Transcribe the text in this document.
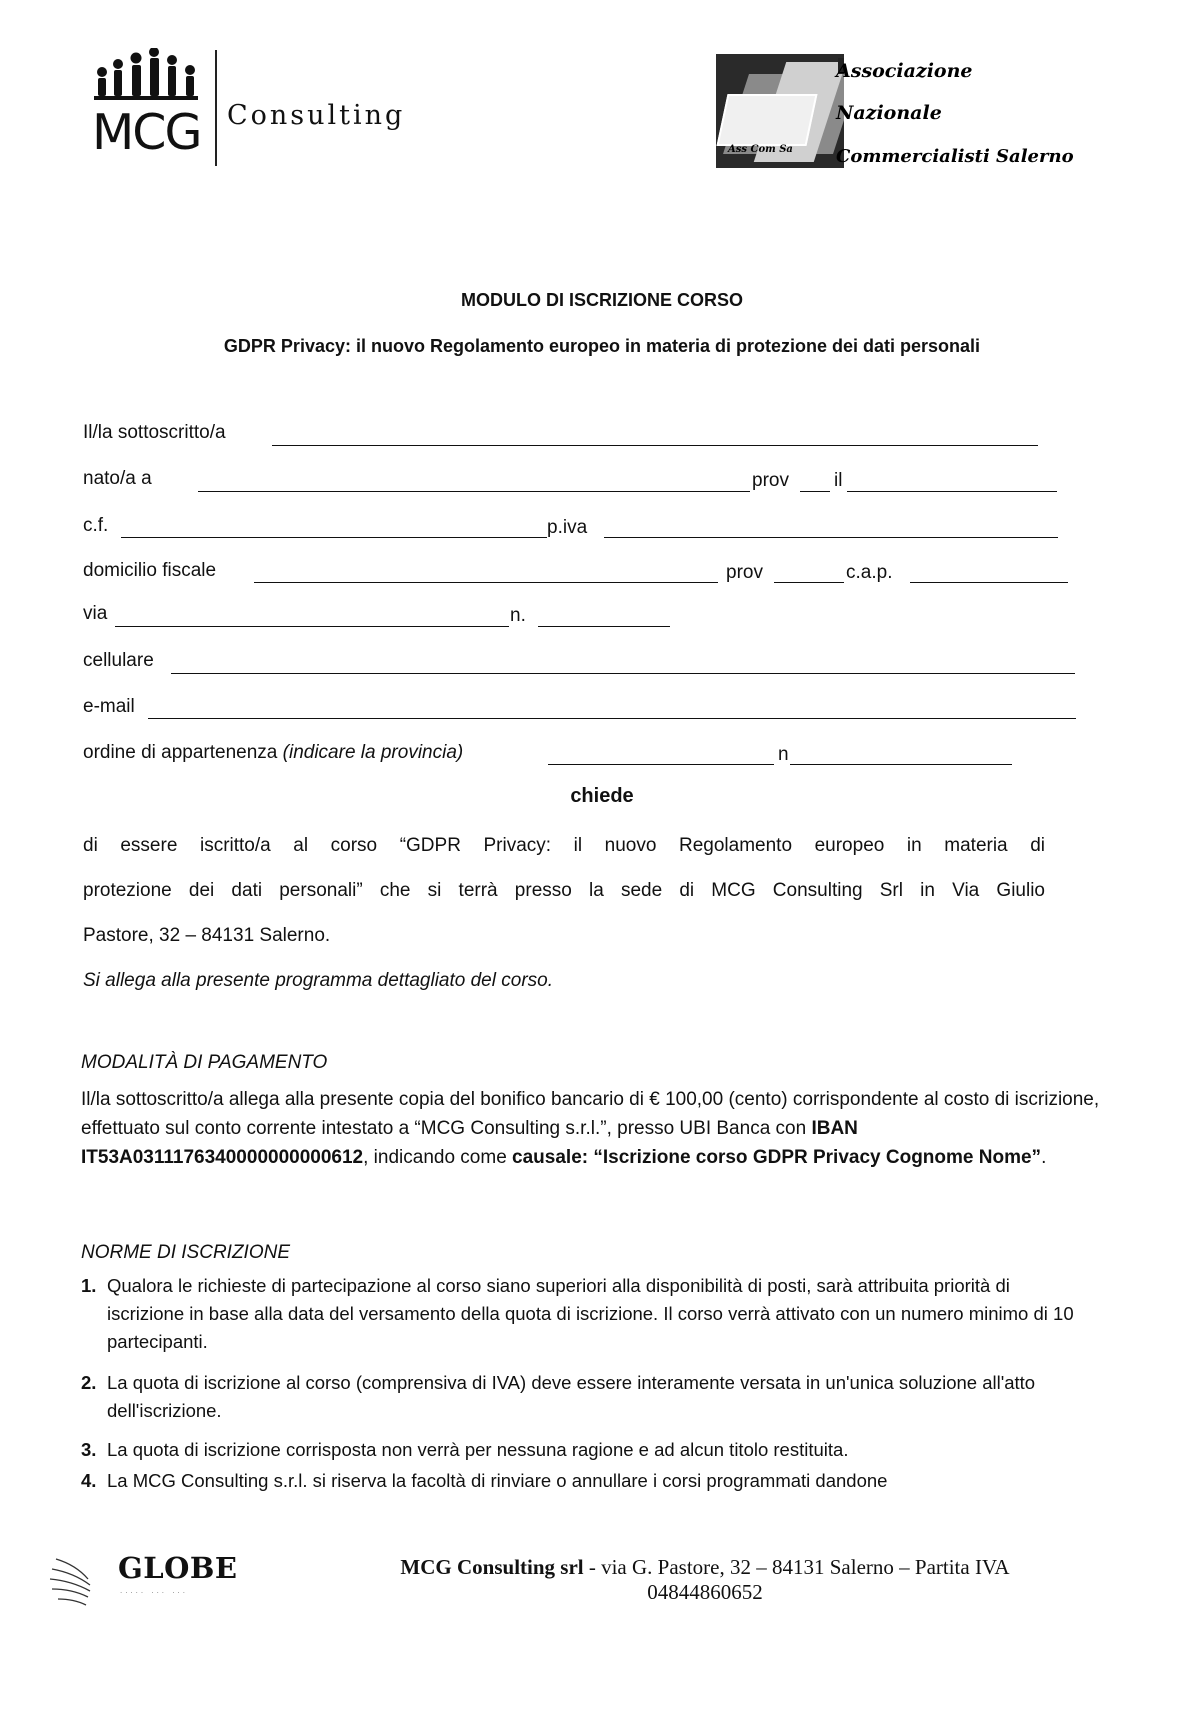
MCG Consulting
Ass Com Sa
Associazione
Nazionale
Commercialisti Salerno
MODULO DI ISCRIZIONE CORSO
GDPR Privacy: il nuovo Regolamento europeo in materia di protezione dei dati personali
Il/la sottoscritto/a
nato/a a	prov il
c.f.	p.iva
domicilio fiscale	prov	c.a.p.
via	n.
cellulare
e-mail
ordine di appartenenza (indicare la provincia)	n
chiede
di essere iscritto/a al corso “GDPR Privacy: il nuovo Regolamento europeo in materia di
protezione dei dati personali” che si terrà presso la sede di MCG Consulting Srl in Via Giulio
Pastore, 32 – 84131 Salerno.
Si allega alla presente programma dettagliato del corso.
MODALITÀ DI PAGAMENTO
Il/la sottoscritto/a allega alla presente copia del bonifico bancario di € 100,00 (cento) corrispondente al costo di iscrizione, effettuato sul conto corrente intestato a “MCG Consulting s.r.l.”, presso UBI Banca con IBAN IT53A0311176340000000000612, indicando come causale: “Iscrizione corso GDPR Privacy Cognome Nome”.
NORME DI ISCRIZIONE
1. Qualora le richieste di partecipazione al corso siano superiori alla disponibilità di posti, sarà attribuita priorità di iscrizione in base alla data del versamento della quota di iscrizione. Il corso verrà attivato con un numero minimo di 10 partecipanti.
2. La quota di iscrizione al corso (comprensiva di IVA) deve essere interamente versata in un'unica soluzione all'atto dell'iscrizione.
3. La quota di iscrizione corrisposta non verrà per nessuna ragione e ad alcun titolo restituita.
4. La MCG Consulting s.r.l. si riserva la facoltà di rinviare o annullare i corsi programmati dandone
GLOBE
····· ··· ···
MCG Consulting srl - via G. Pastore, 32 – 84131 Salerno – Partita IVA
04844860652
